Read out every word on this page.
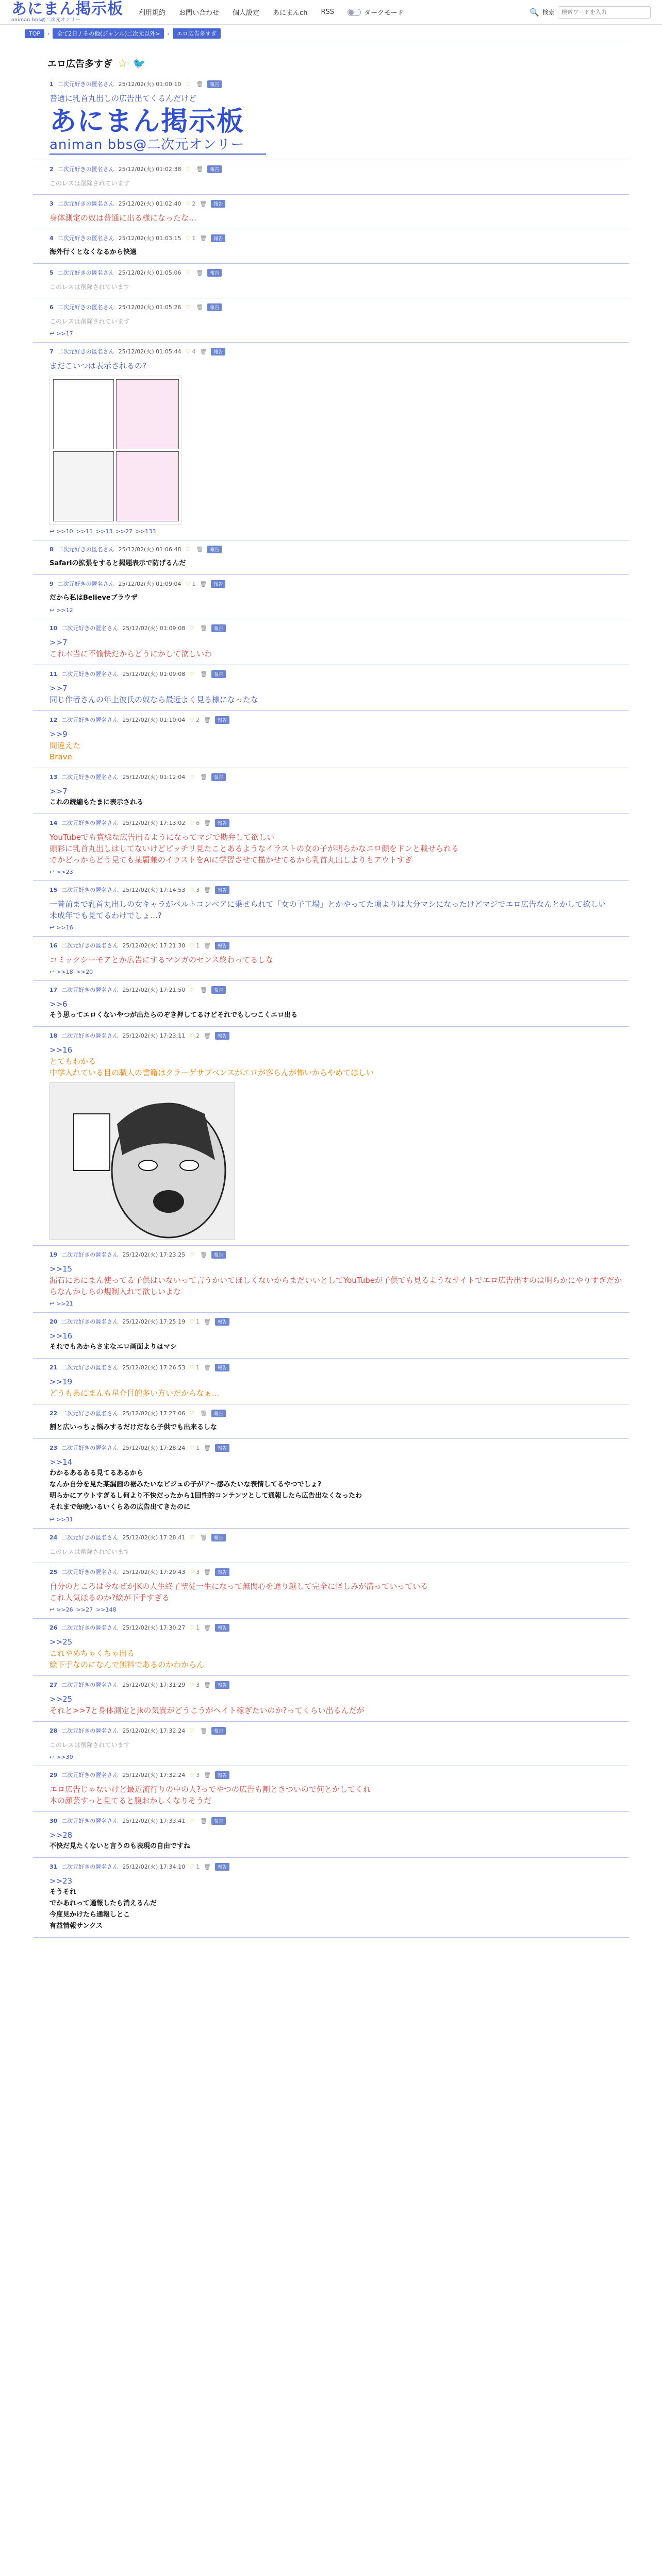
あにまん掲示板
animan bbs@二次元オンリー
利用規約 お問い合わせ 個人設定 あにまんch RSS	ダークモード	🔍 検索
検索ワードを入力
TOP	›	全て2日 / その他(ジャンル)二次元以外>	›	エロ広告多すぎ
エロ広告多すぎ ☆ 🐦
1 二次元好きの匿名さん 25/12/02(火) 01:00:10 ♡ 🗑	報告
普通に乳首丸出しの広告出てくるんだけど
あにまん掲示板
animan bbs@二次元オンリー
2 二次元好きの匿名さん 25/12/02(火) 01:02:38 ♡ 🗑	報告
このレスは削除されています
3 二次元好きの匿名さん 25/12/02(火) 01:02:40 ♡ 2 🗑	報告
身体測定の奴は普通に出る様になったな…
4 二次元好きの匿名さん 25/12/02(火) 01:03:15 ♡ 1 🗑	報告
海外行くとなくなるから快適
5 二次元好きの匿名さん 25/12/02(火) 01:05:06 ♡ 🗑	報告
このレスは削除されています
6 二次元好きの匿名さん 25/12/02(火) 01:05:26 ♡ 🗑	報告
このレスは削除されています
↩ >>17
7 二次元好きの匿名さん 25/12/02(火) 01:05:44 ♡ 4 🗑	報告
まだこいつは表示されるの?
↩ >>10 >>11 >>13 >>27 >>133
8 二次元好きの匿名さん 25/12/02(火) 01:06:48 ♡ 🗑	報告
Safariの拡張をすると掲題表示で防げるんだ
9 二次元好きの匿名さん 25/12/02(火) 01:09:04 ♡ 1 🗑	報告
だから私はBelieveブラウザ
↩ >>12
10 二次元好きの匿名さん 25/12/02(火) 01:09:08 ♡ 🗑	報告
>>7
これ本当に不愉快だからどうにかして欲しいわ
11 二次元好きの匿名さん 25/12/02(火) 01:09:08 ♡ 🗑	報告
>>7
同じ作者さんの年上彼氏の奴なら最近よく見る様になったな
12 二次元好きの匿名さん 25/12/02(火) 01:10:04 ♡ 2 🗑	報告
>>9
間違えた
Brave
13 二次元好きの匿名さん 25/12/02(火) 01:12:04 ♡ 🗑	報告
>>7
これの続編もたまに表示される
14 二次元好きの匿名さん 25/12/02(火) 17:13:02 ♡ 6 🗑	報告
YouTubeでも賞様な広告出るようになってマジで勘弁して欲しい
頭彩に乳首丸出しはしてないけどピッチリ見たことあるようなイラストの女の子が明らかなエロ顔をドンと載せられる
でかどっからどう見ても某覇兼のイラストをAIに学習させて描かせてるから乳首丸出しよりもアウトすぎ
↩ >>23
15 二次元好きの匿名さん 25/12/02(火) 17:14:53 ♡ 3 🗑	報告
一昔前まで乳首丸出しの女キャラがベルトコンベアに乗せられて「女の子工場」とかやってた頃よりは大分マシになったけどマジでエロ広告なんとかして欲しい
未成年でも見てるわけでしょ…?
↩ >>16
16 二次元好きの匿名さん 25/12/02(火) 17:21:30 ♡ 1 🗑	報告
コミックシーモアとか広告にするマンガのセンス終わってるしな
↩ >>18 >>20
17 二次元好きの匿名さん 25/12/02(火) 17:21:50 ♡ 🗑	報告
>>6
そう思ってエロくないやつが出たらのぞき押してるけどそれでもしつこくエロ出る
18 二次元好きの匿名さん 25/12/02(火) 17:23:11 ♡ 2 🗑	報告
>>16
とてもわかる
中学入れている目の職人の書籍はクラーゲサブベンスがエロが客らんが怖いからやめてほしい
19 二次元好きの匿名さん 25/12/02(火) 17:23:25 ♡ 🗑	報告
>>15
漏石にあにまん使ってる子供はいないって言うかいてほしくないからまだいいとしてYouTubeが子供でも見るようなサイトでエロ広告出すのは明らかにやりすぎだからなんかしらの規制入れて欲しいよな
↩ >>21
20 二次元好きの匿名さん 25/12/02(火) 17:25:19 ♡ 1 🗑	報告
>>16
それでもあからさまなエロ画面よりはマシ
21 二次元好きの匿名さん 25/12/02(火) 17:26:53 ♡ 1 🗑	報告
>>19
どうもあにまんも星介目的多い方いだからなぁ...
22 二次元好きの匿名さん 25/12/02(火) 17:27:06 ♡ 🗑	報告
割と広いっちょ悩みするだけだなら子供でも出来るしな
23 二次元好きの匿名さん 25/12/02(火) 17:28:24 ♡ 1 🗑	報告
>>14
わかるあるある見てるあるから
なんか自分を見た某漏画の裾みたいなビジュの子がア〜感みたいな表情してるやつでしょ?
明らかにアウトすぎるし何より不快だったから1回性的コンテンツとして通報したら広告出なくなったわ
それまで毎晩いるいくらあの広告出てきたのに
↩ >>31
24 二次元好きの匿名さん 25/12/02(火) 17:28:41 ♡ 🗑	報告
このレスは削除されています
25 二次元好きの匿名さん 25/12/02(火) 17:29:43 ♡ 3 🗑	報告
自分のところは今なぜかJKの人生終了聖徒一生になって無関心を通り越して完全に怪しみが溝っていっている
これ人気ほるのか?絵が下手すぎる
↩ >>26 >>27 >>148
26 二次元好きの匿名さん 25/12/02(火) 17:30:27 ♡ 1 🗑	報告
>>25
これやめちゃくちゃ出る
絵下手なのになんで無料であるのかわからん
27 二次元好きの匿名さん 25/12/02(火) 17:31:29 ♡ 3 🗑	報告
>>25
それと>>7と身体測定とjkの気貴がどうこうがヘイト稼ぎたいのか?ってくらい出るんだが
28 二次元好きの匿名さん 25/12/02(火) 17:32:24 ♡ 🗑	報告
このレスは削除されています
↩ >>30
29 二次元好きの匿名さん 25/12/02(火) 17:32:24 ♡ 3 🗑	報告
エロ広告じゃないけど最近流行りの中の人?っでやつの広告も割ときついので何とかしてくれ
本の顔芸すっと見てると腹おかしくなりそうだ
30 二次元好きの匿名さん 25/12/02(火) 17:33:41 ♡ 🗑	報告
>>28
不快だ見たくないと言うのも表現の自由ですね
31 二次元好きの匿名さん 25/12/02(火) 17:34:10 ♡ 1 🗑	報告
>>23
そうそれ
でかあれって通報したら消えるんだ
今度見かけたら通報しとこ
有益情報サンクス
